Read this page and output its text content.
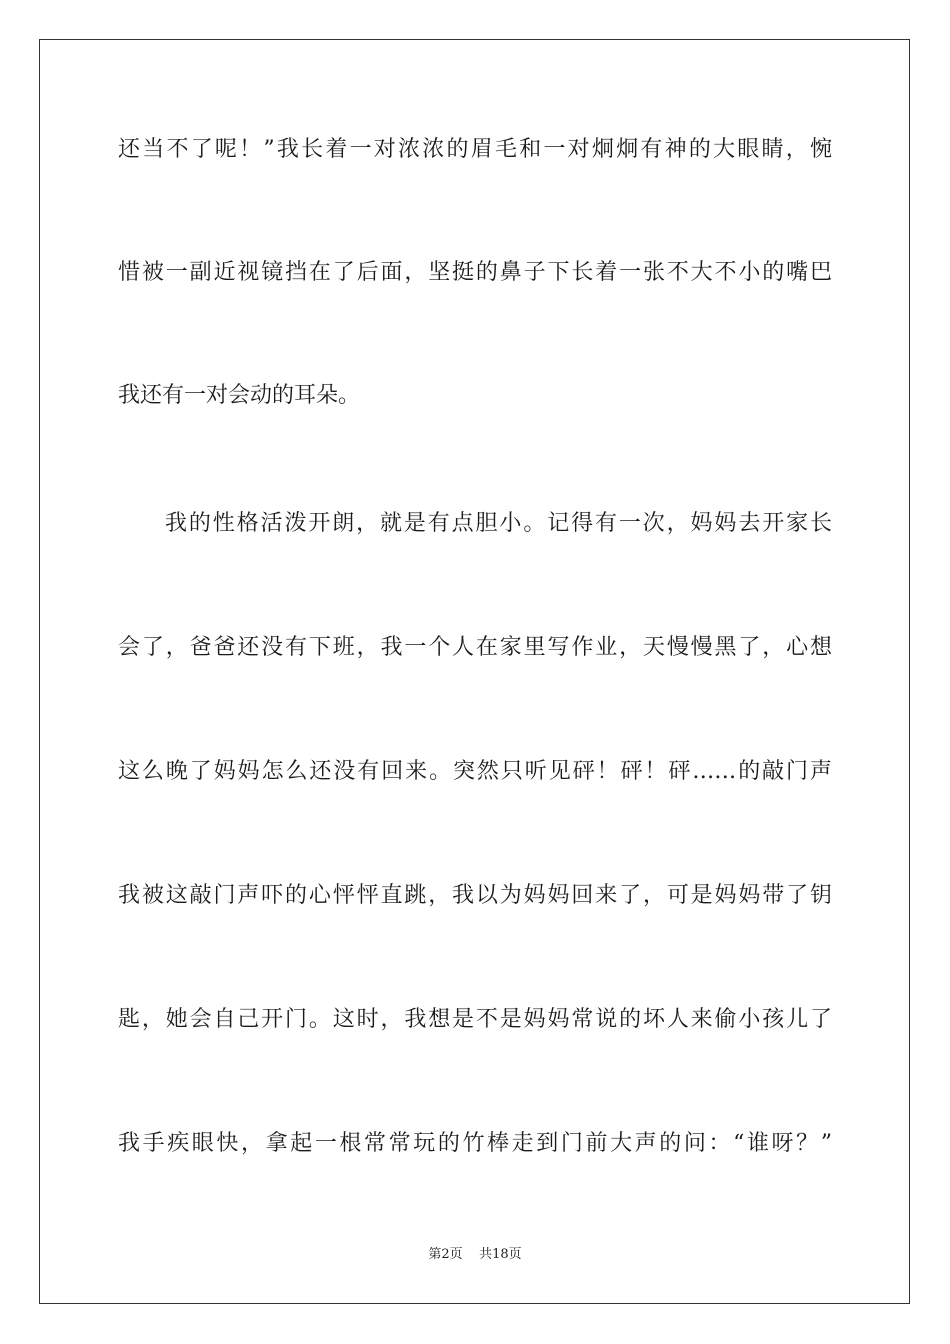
还当不了呢！”我长着一对浓浓的眉毛和一对炯炯有神的大眼睛，惋
惜被一副近视镜挡在了后面，坚挺的鼻子下长着一张不大不小的嘴巴
我还有一对会动的耳朵。
我的性格活泼开朗，就是有点胆小。记得有一次，妈妈去开家长
会了，爸爸还没有下班，我一个人在家里写作业，天慢慢黑了，心想
这么晚了妈妈怎么还没有回来。突然只听见砰！砰！砰……的敲门声
我被这敲门声吓的心怦怦直跳，我以为妈妈回来了，可是妈妈带了钥
匙，她会自己开门。这时，我想是不是妈妈常说的坏人来偷小孩儿了
我手疾眼快，拿起一根常常玩的竹棒走到门前大声的问：“谁呀？”
第2页 共18页
